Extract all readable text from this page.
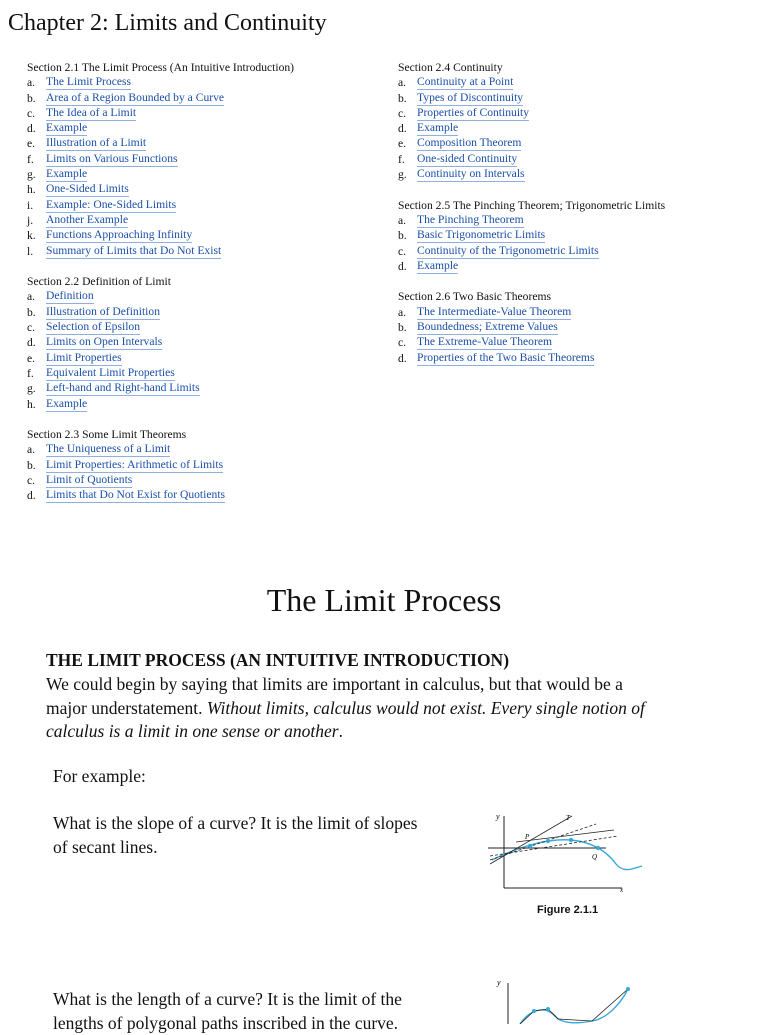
Chapter 2: Limits and Continuity
Section 2.1 The Limit Process (An Intuitive Introduction)
a. The Limit Process
b. Area of a Region Bounded by a Curve
c. The Idea of a Limit
d. Example
e. Illustration of a Limit
f.	Limits on Various Functions
g. Example
h. One-Sided Limits
i.	Example: One-Sided Limits
j.	Another Example
k. Functions Approaching Infinity
l.	Summary of Limits that Do Not Exist
Section 2.2 Definition of Limit
a. Definition
b. Illustration of Definition
c. Selection of Epsilon
d. Limits on Open Intervals
e. Limit Properties
f.	Equivalent Limit Properties
g. Left-hand and Right-hand Limits
h. Example
Section 2.3 Some Limit Theorems
a. The Uniqueness of a Limit
b. Limit Properties: Arithmetic of Limits
c. Limit of Quotients
d. Limits that Do Not Exist for Quotients
Section 2.4 Continuity
a. Continuity at a Point
b. Types of Discontinuity
c. Properties of Continuity
d. Example
e. Composition Theorem
f.	One-sided Continuity
g. Continuity on Intervals
Section 2.5 The Pinching Theorem; Trigonometric Limits
a. The Pinching Theorem
b. Basic Trigonometric Limits
c. Continuity of the Trigonometric Limits
d. Example
Section 2.6 Two Basic Theorems
a. The Intermediate-Value Theorem
b. Boundedness; Extreme Values
c. The Extreme-Value Theorem
d. Properties of the Two Basic Theorems
The Limit Process

THE LIMIT PROCESS (AN INTUITIVE INTRODUCTION)

We could begin by saying that limits are important in calculus, but that would be a major understatement. Without limits, calculus would not exist. Every single notion of calculus is a limit in one sense or another.

For example:

What is the slope of a curve? It is the limit of slopes of secant lines.

y
x
P
Q
T
Figure 2.1.1

What is the length of a curve? It is the limit of the lengths of polygonal paths inscribed in the curve.

y
